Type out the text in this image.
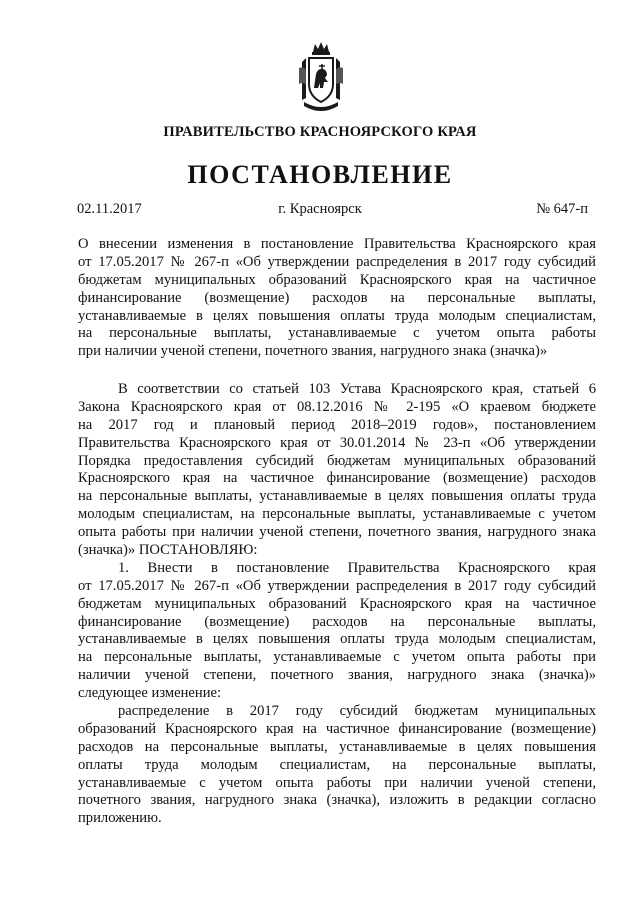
ПРАВИТЕЛЬСТВО КРАСНОЯРСКОГО КРАЯ
ПОСТАНОВЛЕНИЕ
02.11.2017	г. Красноярск	№ 647-п
О внесении изменения в постановление Правительства Красноярского края
от 17.05.2017 № 267-п «Об утверждении распределения в 2017 году субсидий
бюджетам муниципальных образований Красноярского края на частичное
финансирование (возмещение) расходов на персональные выплаты,
устанавливаемые в целях повышения оплаты труда молодым специалистам,
на персональные выплаты, устанавливаемые с учетом опыта работы
при наличии ученой степени, почетного звания, нагрудного знака (значка)»
В соответствии со статьей 103 Устава Красноярского края, статьей 6
Закона Красноярского края от 08.12.2016 № 2-195 «О краевом бюджете
на 2017 год и плановый период 2018–2019 годов», постановлением
Правительства Красноярского края от 30.01.2014 № 23-п «Об утверждении
Порядка предоставления субсидий бюджетам муниципальных образований
Красноярского края на частичное финансирование (возмещение) расходов
на персональные выплаты, устанавливаемые в целях повышения оплаты труда
молодым специалистам, на персональные выплаты, устанавливаемые с учетом
опыта работы при наличии ученой степени, почетного звания, нагрудного знака
(значка)» ПОСТАНОВЛЯЮ:
1. Внести в постановление Правительства Красноярского края
от 17.05.2017 № 267-п «Об утверждении распределения в 2017 году субсидий
бюджетам муниципальных образований Красноярского края на частичное
финансирование (возмещение) расходов на персональные выплаты,
устанавливаемые в целях повышения оплаты труда молодым специалистам,
на персональные выплаты, устанавливаемые с учетом опыта работы при
наличии ученой степени, почетного звания, нагрудного знака (значка)»
следующее изменение:
распределение в 2017 году субсидий бюджетам муниципальных
образований Красноярского края на частичное финансирование (возмещение)
расходов на персональные выплаты, устанавливаемые в целях повышения
оплаты труда молодым специалистам, на персональные выплаты,
устанавливаемые с учетом опыта работы при наличии ученой степени,
почетного звания, нагрудного знака (значка), изложить в редакции согласно
приложению.
